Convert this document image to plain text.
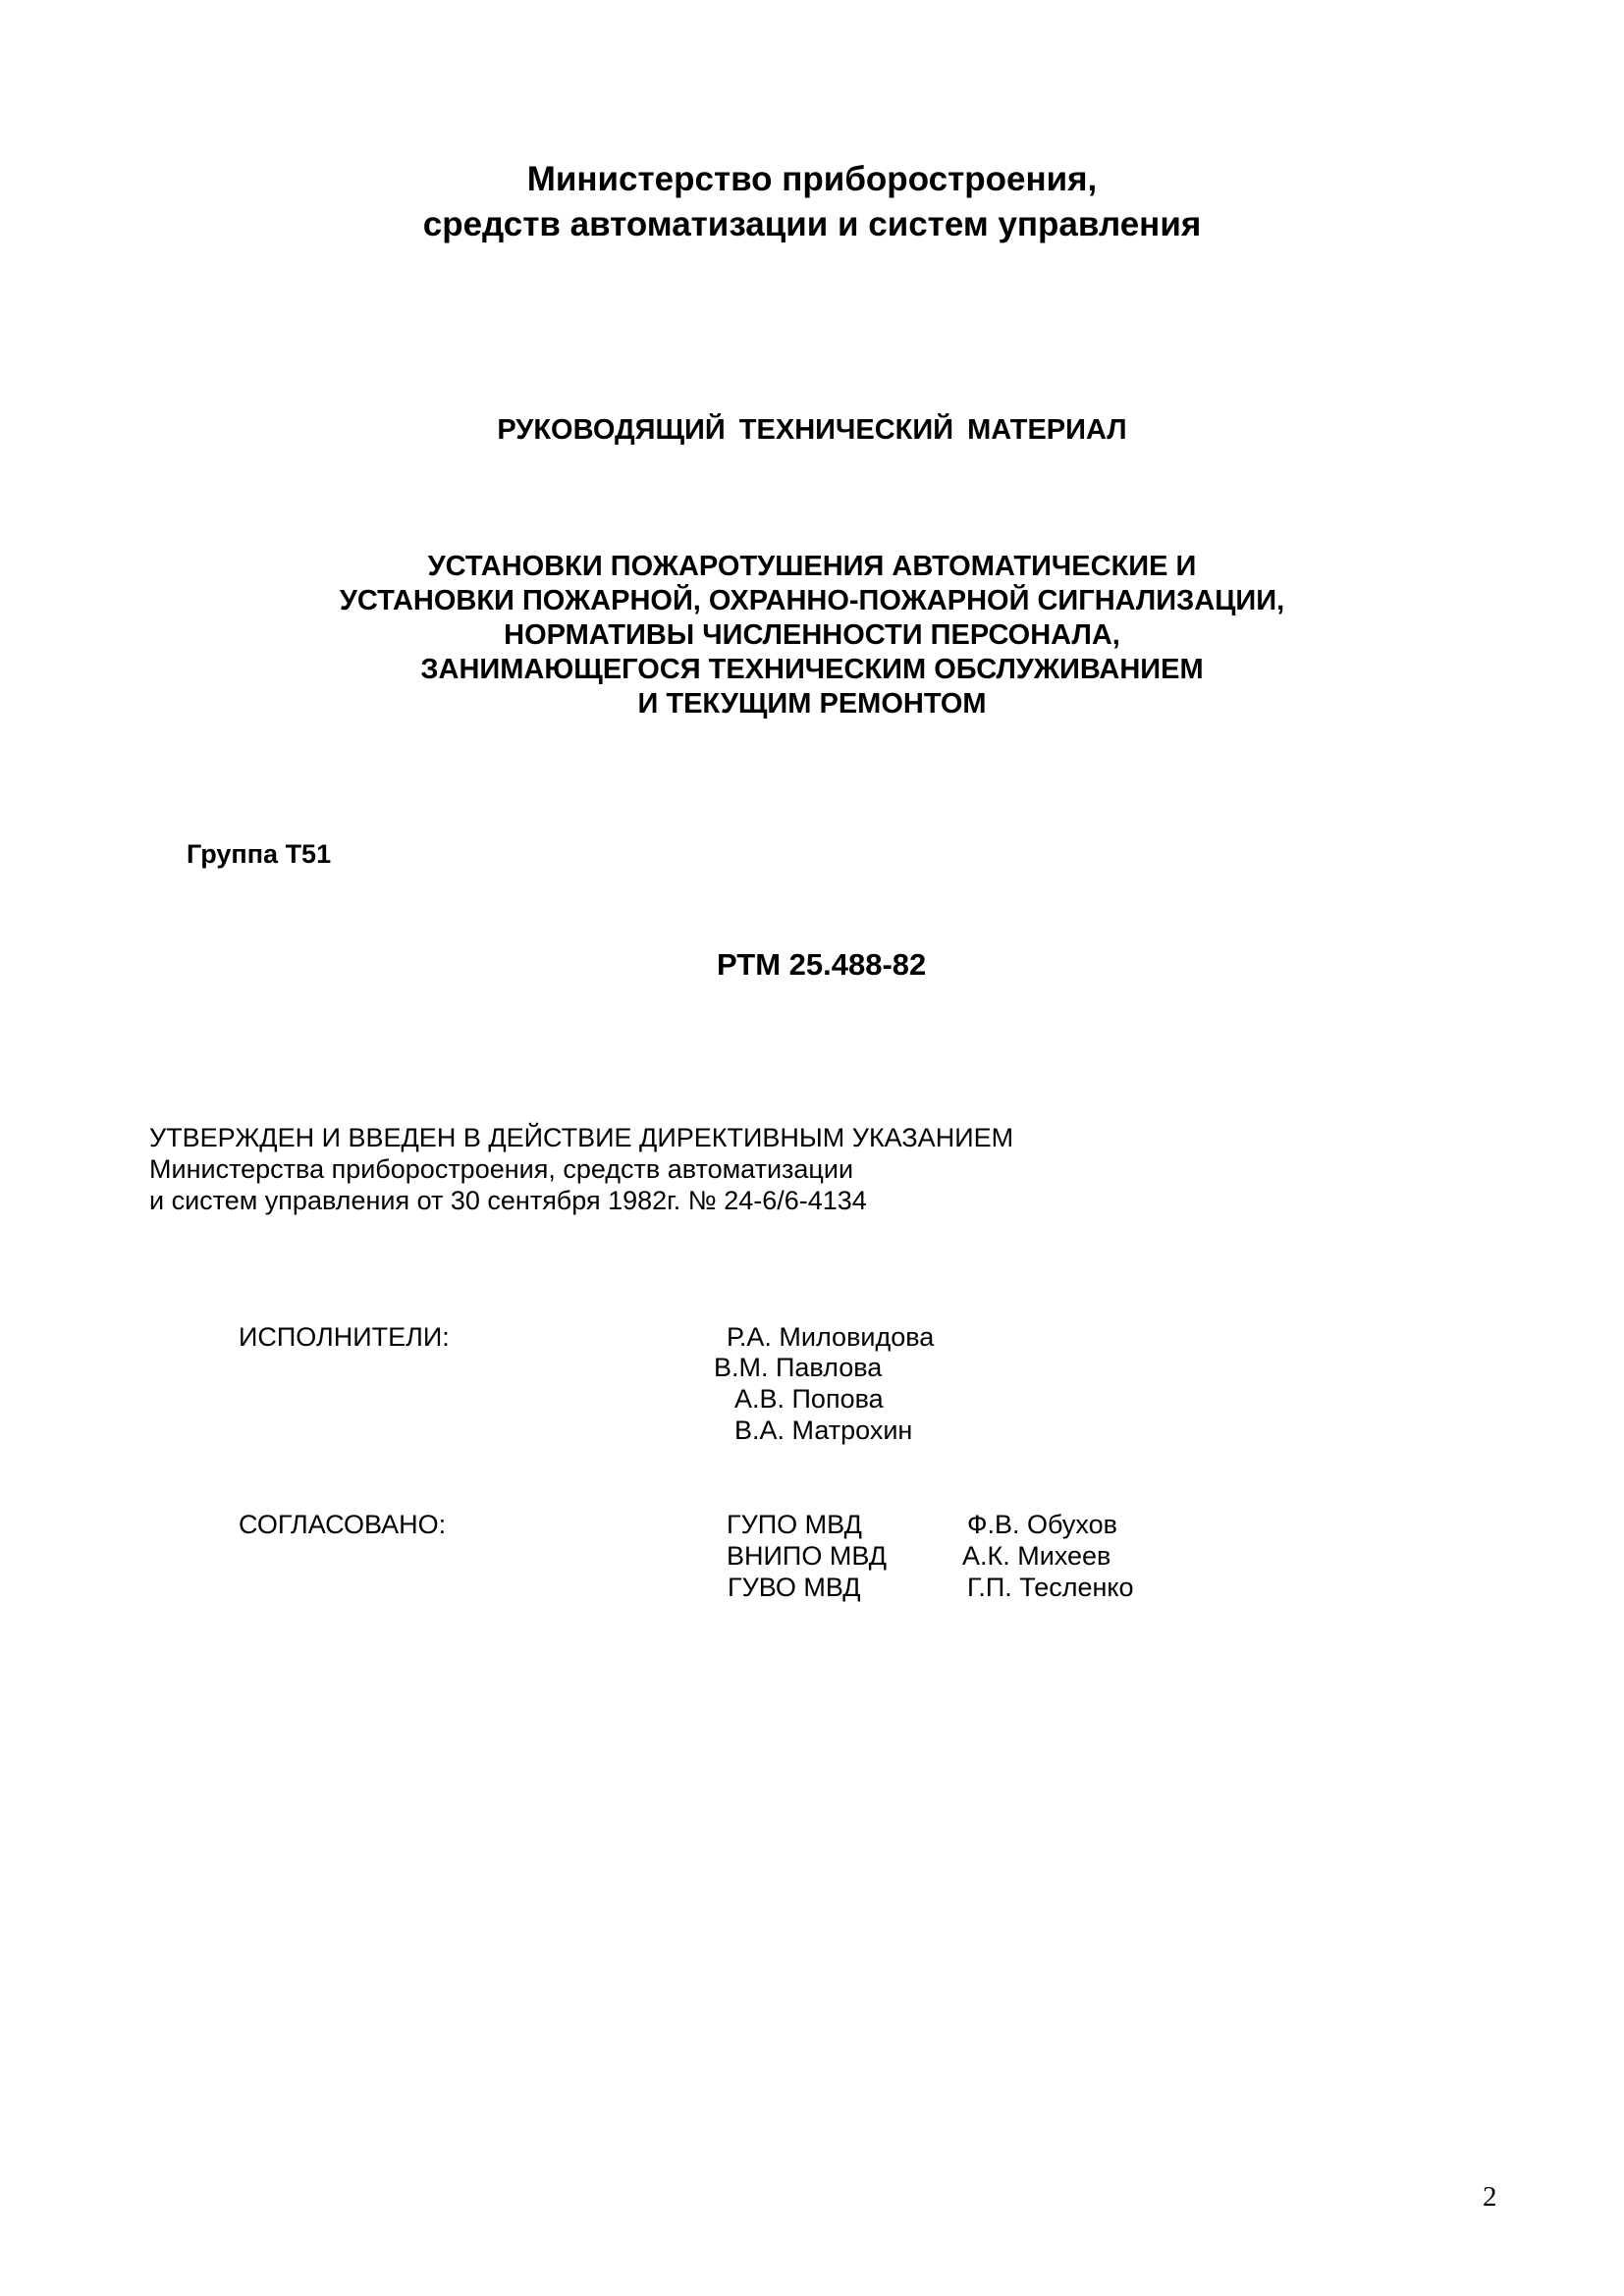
Министерство приборостроения,
средств автоматизации и систем управления
РУКОВОДЯЩИЙ ТЕХНИЧЕСКИЙ МАТЕРИАЛ
УСТАНОВКИ ПОЖАРОТУШЕНИЯ АВТОМАТИЧЕСКИЕ И
УСТАНОВКИ ПОЖАРНОЙ, ОХРАННО-ПОЖАРНОЙ СИГНАЛИЗАЦИИ,
НОРМАТИВЫ ЧИСЛЕННОСТИ ПЕРСОНАЛА,
ЗАНИМАЮЩЕГОСЯ ТЕХНИЧЕСКИМ ОБСЛУЖИВАНИЕМ
И ТЕКУЩИМ РЕМОНТОМ
Группа Т51
РТМ 25.488-82
УТВЕРЖДЕН И ВВЕДЕН В ДЕЙСТВИЕ ДИРЕКТИВНЫМ УКАЗАНИЕМ
Министерства приборостроения, средств автоматизации
и систем управления от 30 сентября 1982г. № 24-6/6-4134
ИСПОЛНИТЕЛИ:	Р.А. Миловидова
В.М. Павлова
А.В. Попова
В.А. Матрохин
СОГЛАСОВАНО:	ГУПО МВД	Ф.В. Обухов
ВНИПО МВД	А.К. Михеев
ГУВО МВД	Г.П. Тесленко
2
